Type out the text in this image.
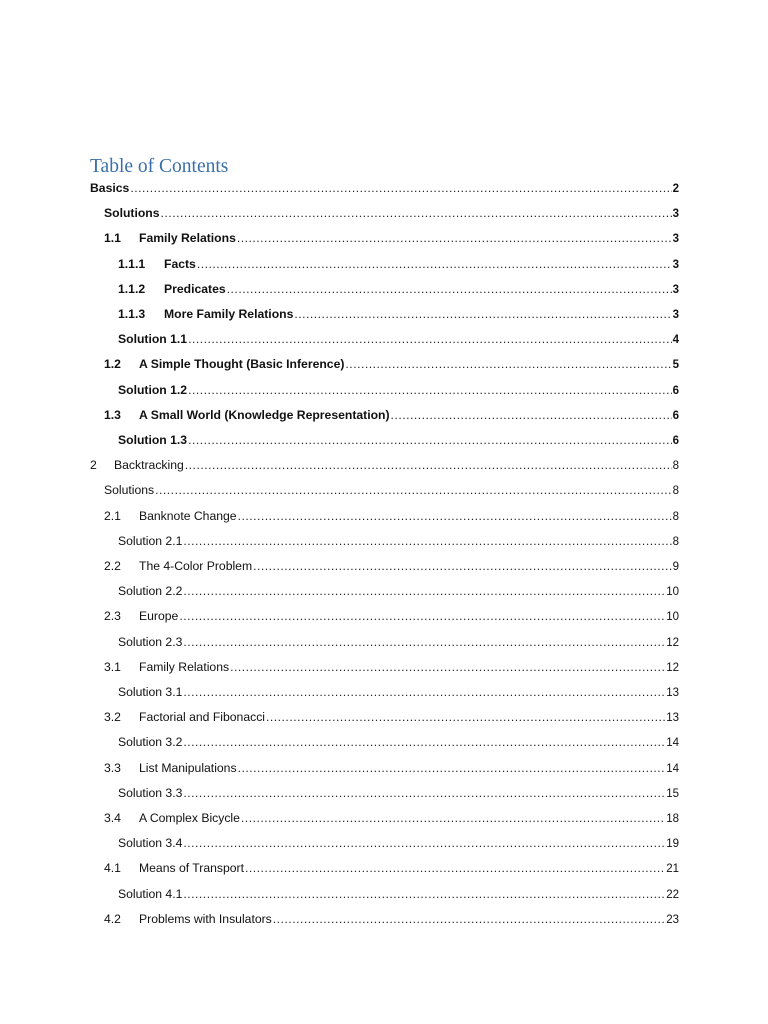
Table of Contents
Basics .....	2
Solutions .....	3
1.1	Family Relations .....	3
1.1.1	Facts .....	3
1.1.2	Predicates .....	3
1.1.3	More Family Relations .....	3
Solution 1.1 .....	4
1.2	A Simple Thought (Basic Inference) .....	5
Solution 1.2 .....	6
1.3	A Small World (Knowledge Representation) .....	6
Solution 1.3 .....	6
2	Backtracking .....	8
Solutions .....	8
2.1	Banknote Change .....	8
Solution 2.1 .....	8
2.2	The 4-Color Problem .....	9
Solution 2.2 .....	10
2.3	Europe .....	10
Solution 2.3 .....	12
3.1	Family Relations .....	12
Solution 3.1 .....	13
3.2	Factorial and Fibonacci .....	13
Solution 3.2 .....	14
3.3	List Manipulations .....	14
Solution 3.3 .....	15
3.4	A Complex Bicycle .....	18
Solution 3.4 .....	19
4.1	Means of Transport .....	21
Solution 4.1 .....	22
4.2	Problems with Insulators .....	23
